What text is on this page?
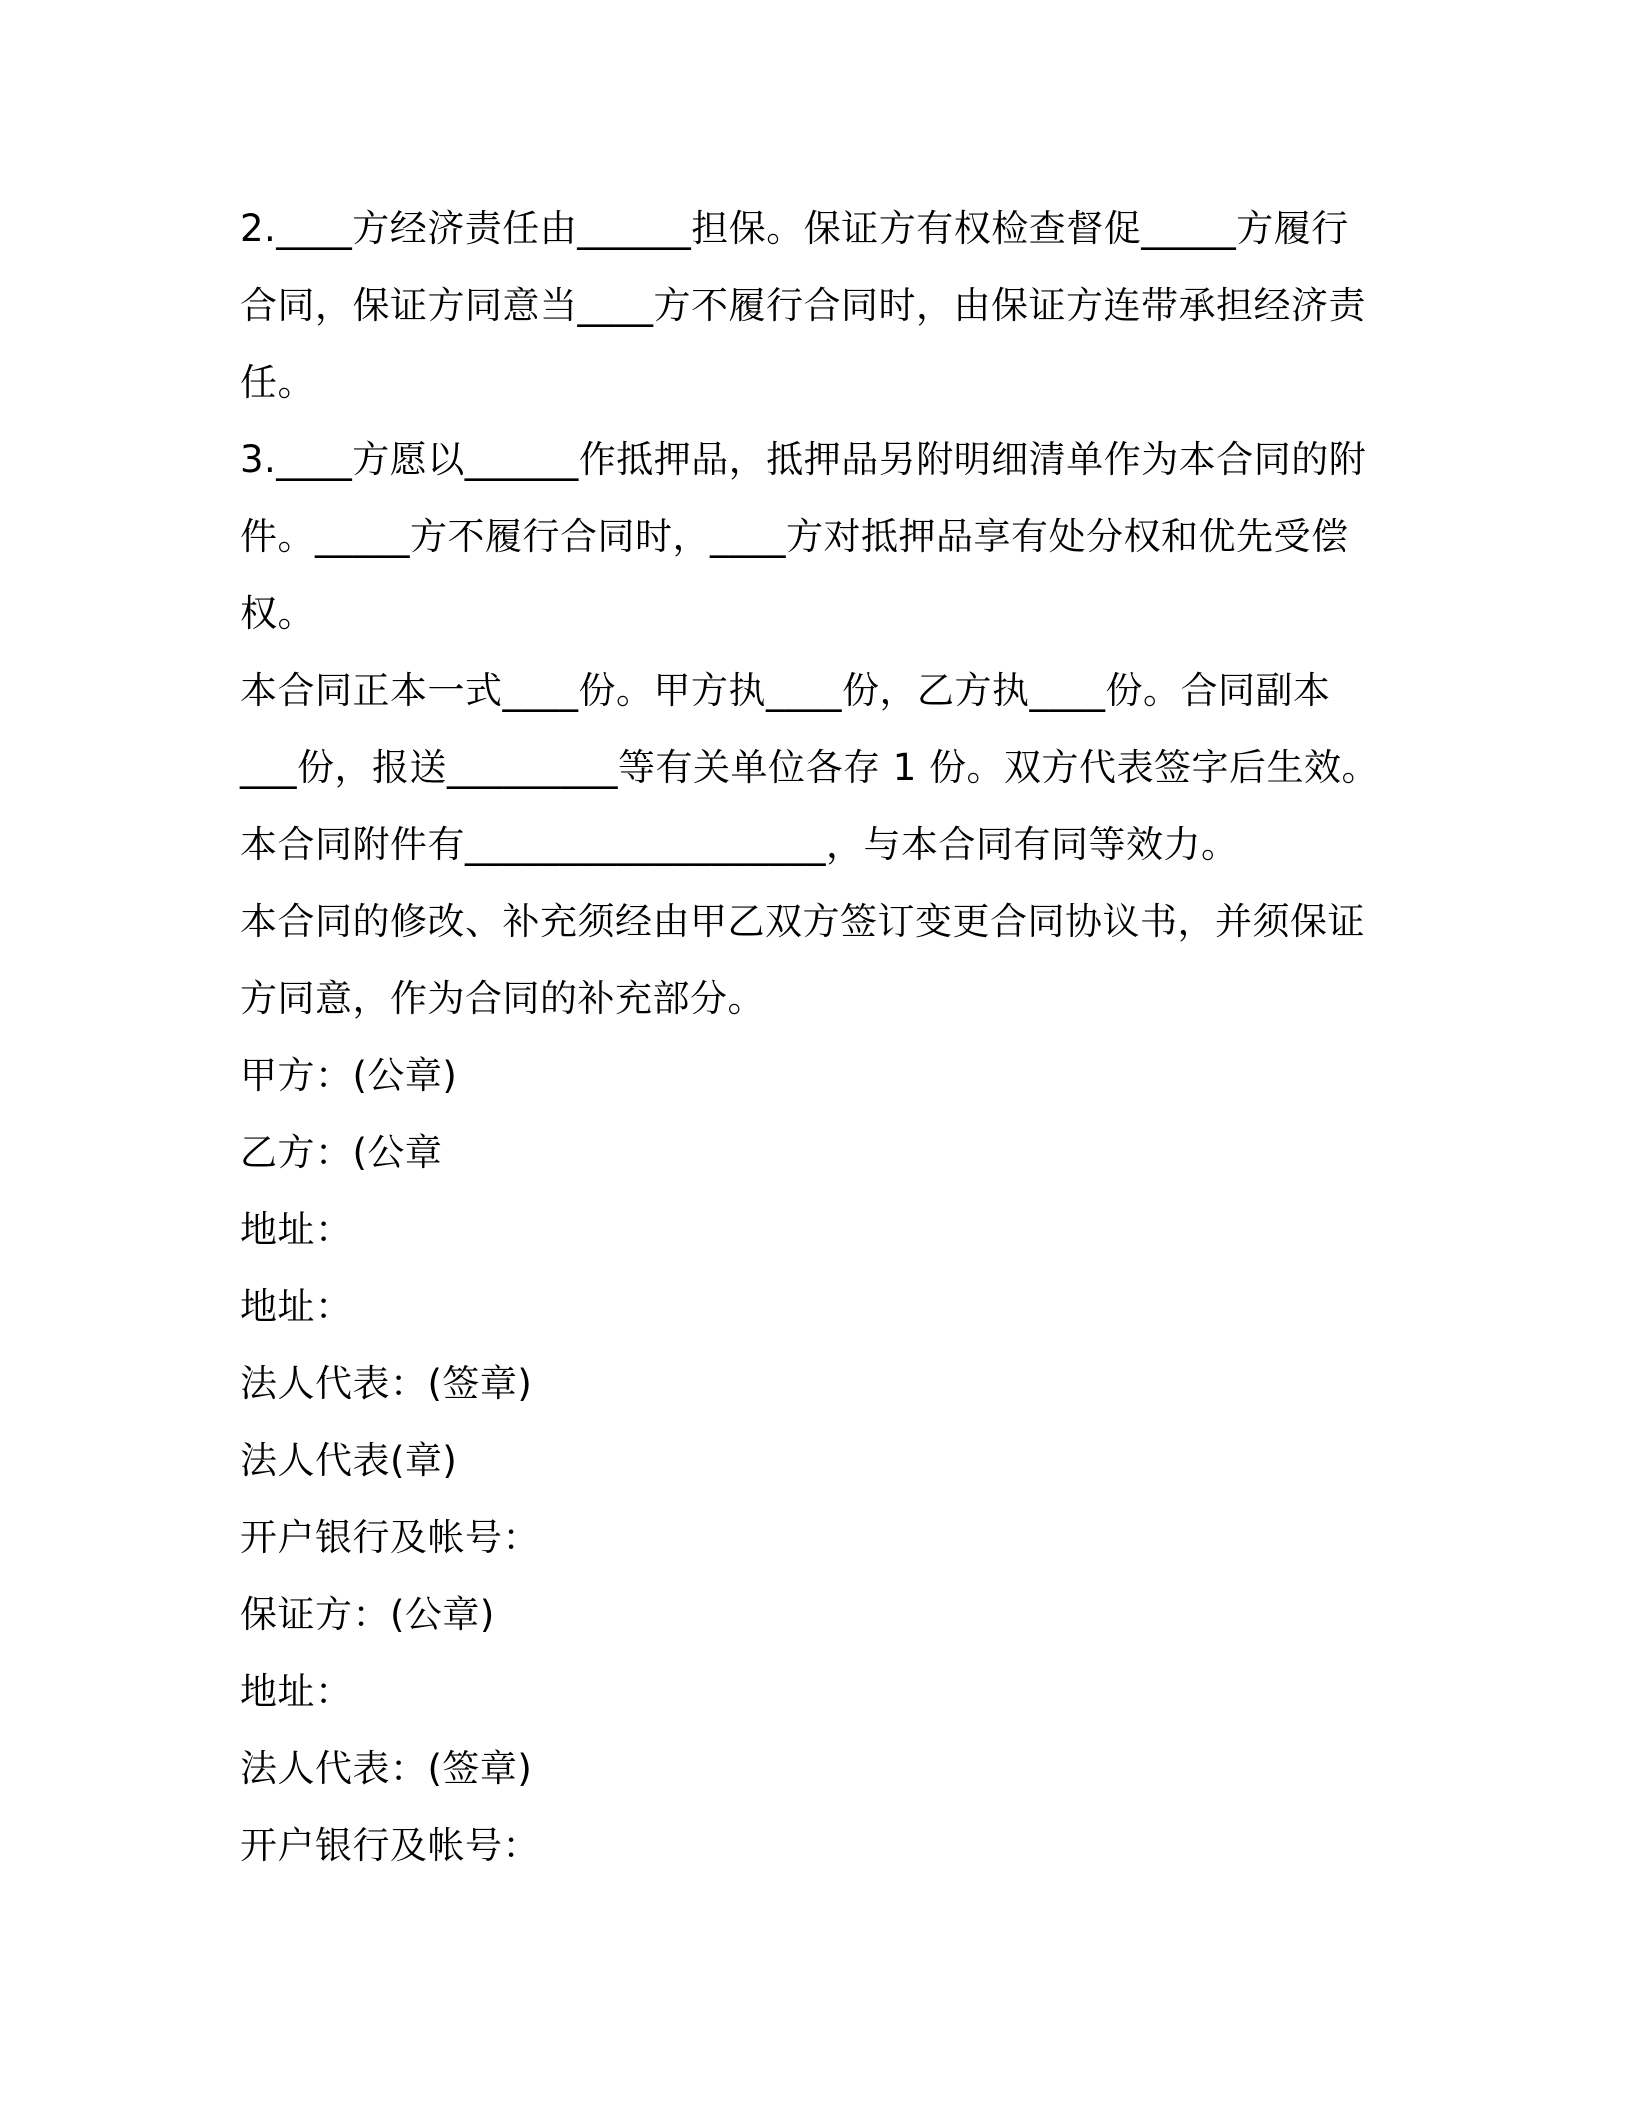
2.____方经济责任由______担保。保证方有权检查督促_____方履行
合同，保证方同意当____方不履行合同时，由保证方连带承担经济责
任。
3.____方愿以______作抵押品，抵押品另附明细清单作为本合同的附
件。_____方不履行合同时，____方对抵押品享有处分权和优先受偿
权。
本合同正本一式____份。甲方执____份，乙方执____份。合同副本
___份，报送_________等有关单位各存 1 份。双方代表签字后生效。
本合同附件有___________________，与本合同有同等效力。
本合同的修改、补充须经由甲乙双方签订变更合同协议书，并须保证
方同意，作为合同的补充部分。
甲方：(公章)
乙方：(公章
地址：
地址：
法人代表：(签章)
法人代表(章)
开户银行及帐号：
保证方：(公章)
地址：
法人代表：(签章)
开户银行及帐号：
